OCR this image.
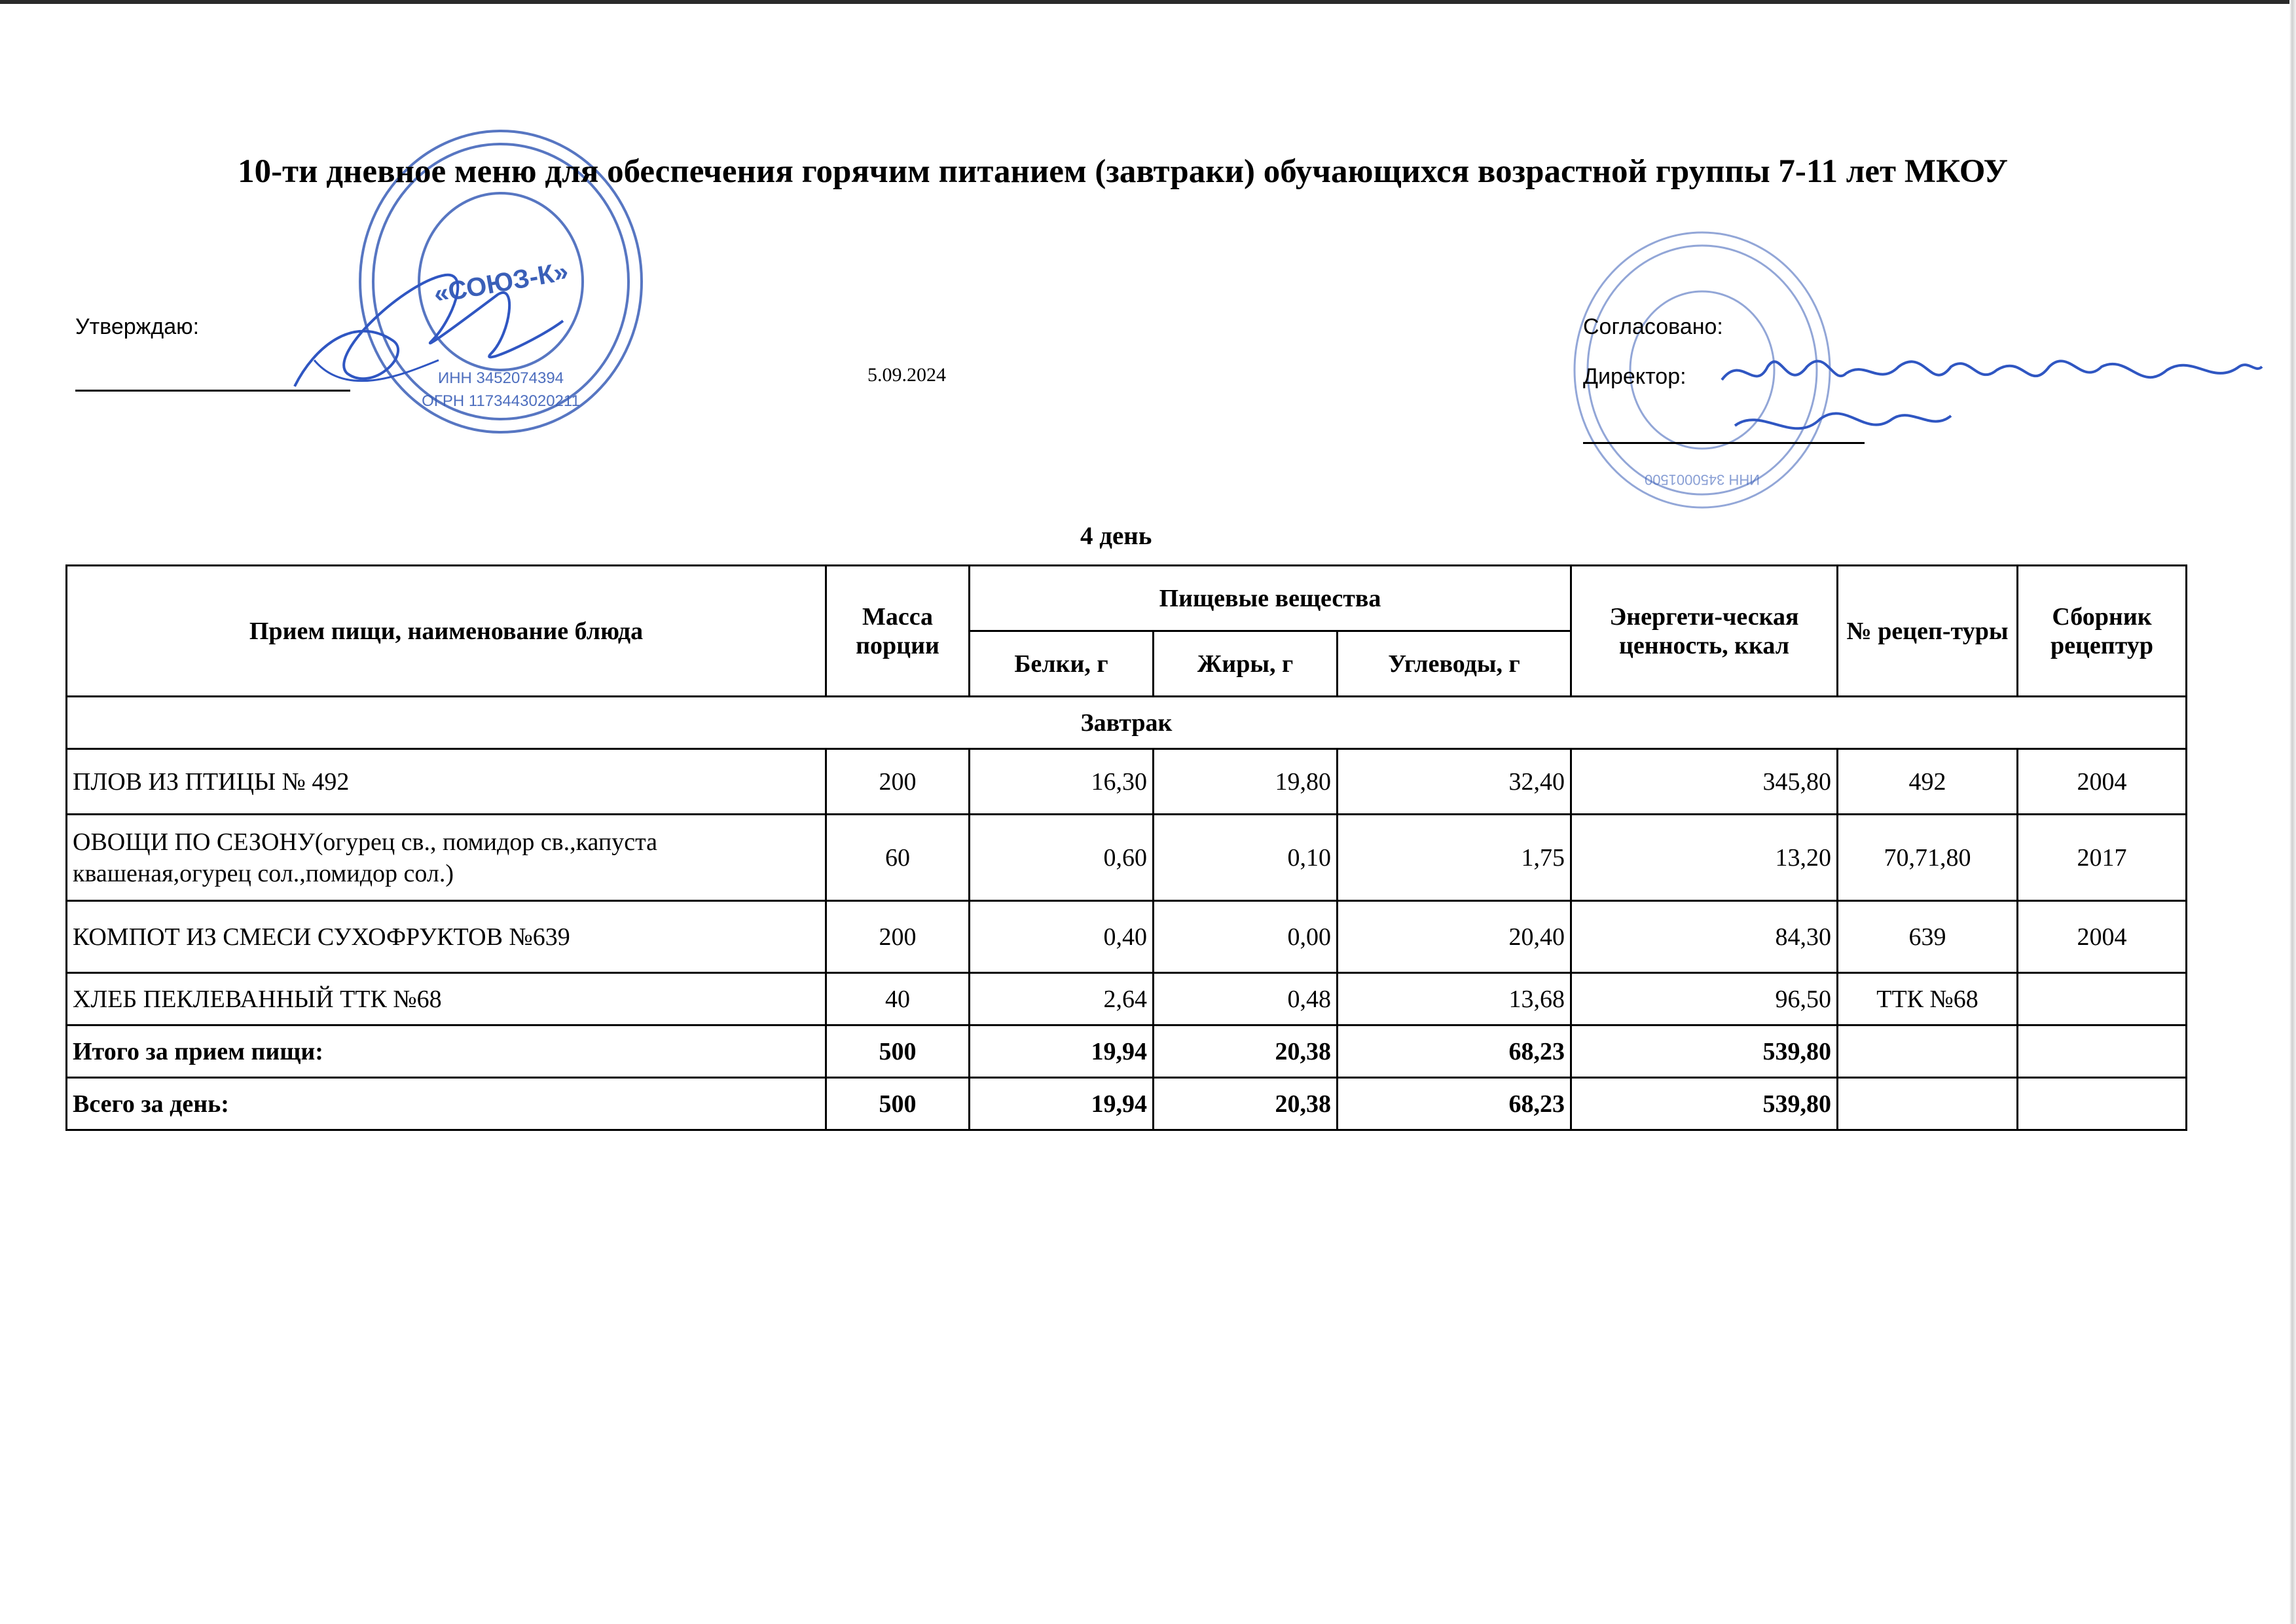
«СОЮЗ-К»
ИНН 3452074394
ОГРН 1173443020211
ИНН 3450001500
10-ти дневное меню для обеспечения горячим питанием (завтраки) обучающихся возрастной группы 7-11 лет МКОУ
Утверждаю:
5.09.2024
Согласовано:
Директор:
МКОУ Горнобалыкл. СШ Павлова
4 день
Прием пищи, наименование блюда	Масса порции	Пищевые вещества			Энергети-ческая ценность, ккал	№ рецеп-туры	Сборник рецептур
		Белки, г	Жиры, г	Углеводы, г			
Завтрак							
ПЛОВ ИЗ ПТИЦЫ № 492	200	16,30	19,80	32,40	345,80	492	2004
ОВОЩИ ПО СЕЗОНУ(огурец св., помидор св.,капуста квашеная,огурец сол.,помидор сол.)	60	0,60	0,10	1,75	13,20	70,71,80	2017
КОМПОТ ИЗ СМЕСИ СУХОФРУКТОВ №639	200	0,40	0,00	20,40	84,30	639	2004
ХЛЕБ ПЕКЛЕВАННЫЙ ТТК №68	40	2,64	0,48	13,68	96,50	ТТК №68	
Итого за прием пищи:	500	19,94	20,38	68,23	539,80		
Всего за день:	500	19,94	20,38	68,23	539,80		
